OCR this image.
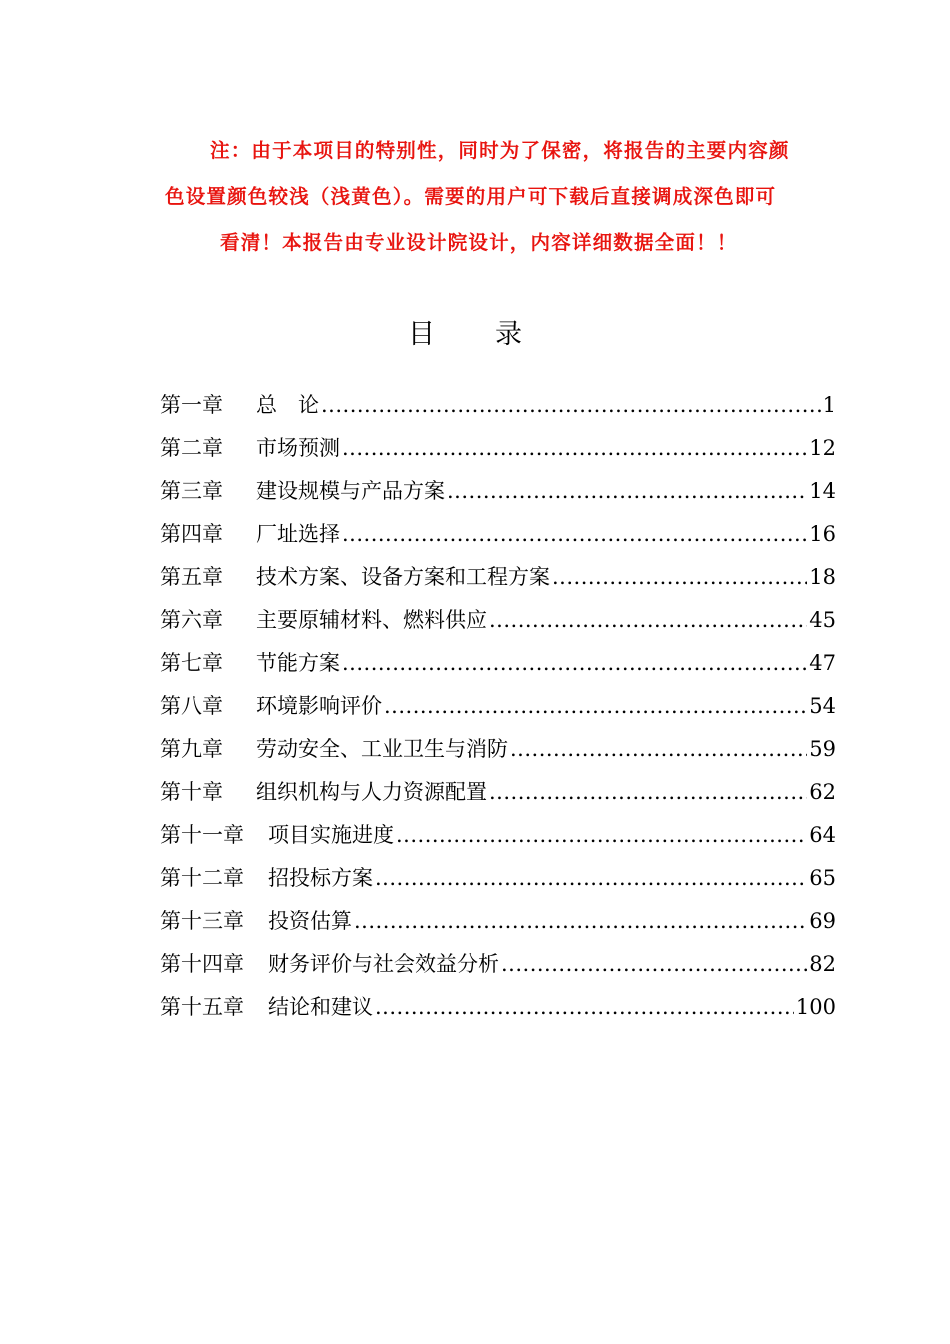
注：由于本项目的特别性，同时为了保密，将报告的主要内容颜
色设置颜色较浅（浅黄色）。需要的用户可下载后直接调成深色即可
看清！本报告由专业设计院设计，内容详细数据全面！！
目录
第一章	总　论 .....	1
第二章	市场预测 .....	12
第三章	建设规模与产品方案 .....	14
第四章	厂址选择 .....	16
第五章	技术方案、设备方案和工程方案 .....	18
第六章	主要原辅材料、燃料供应 .....	45
第七章	节能方案 .....	47
第八章	环境影响评价 .....	54
第九章	劳动安全、工业卫生与消防 .....	59
第十章	组织机构与人力资源配置 .....	62
第十一章	项目实施进度 .....	64
第十二章	招投标方案 .....	65
第十三章	投资估算 .....	69
第十四章	财务评价与社会效益分析 .....	82
第十五章	结论和建议 .....	100
